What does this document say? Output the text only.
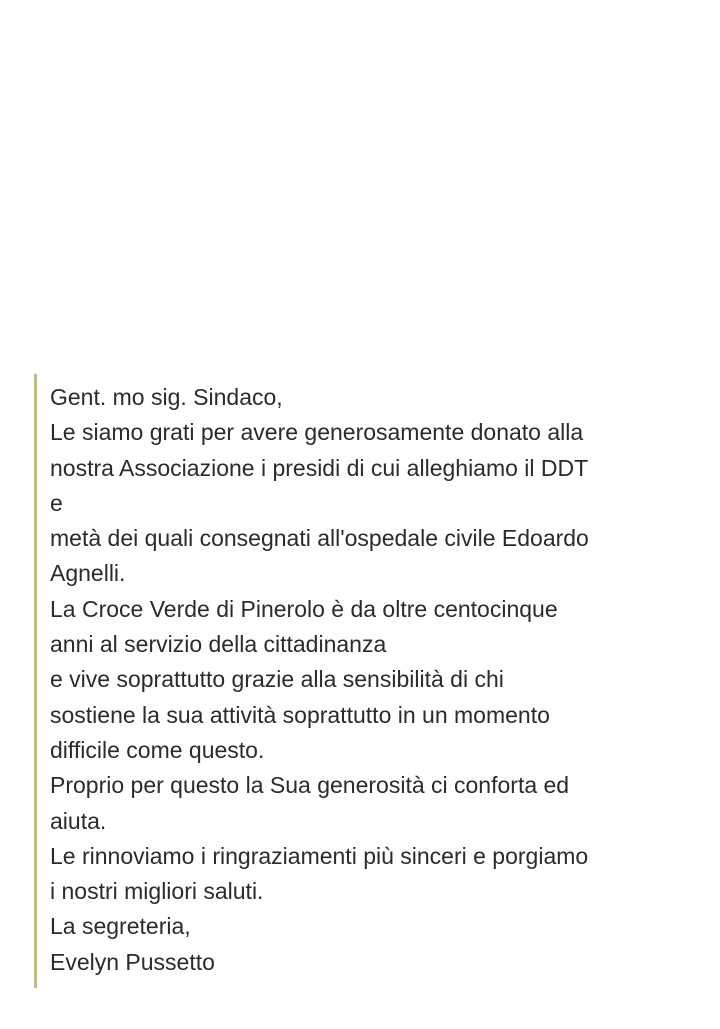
Gent. mo sig. Sindaco,
Le siamo grati per avere generosamente donato alla
nostra Associazione i presidi di cui alleghiamo il DDT
e
metà dei quali consegnati all'ospedale civile Edoardo
Agnelli.
La Croce Verde di Pinerolo è da oltre centocinque
anni al servizio della cittadinanza
e vive soprattutto grazie alla sensibilità di chi
sostiene la sua attività soprattutto in un momento
difficile come questo.
Proprio per questo la Sua generosità ci conforta ed
aiuta.
Le rinnoviamo i ringraziamenti più sinceri e porgiamo
i nostri migliori saluti.
La segreteria,
Evelyn Pussetto
